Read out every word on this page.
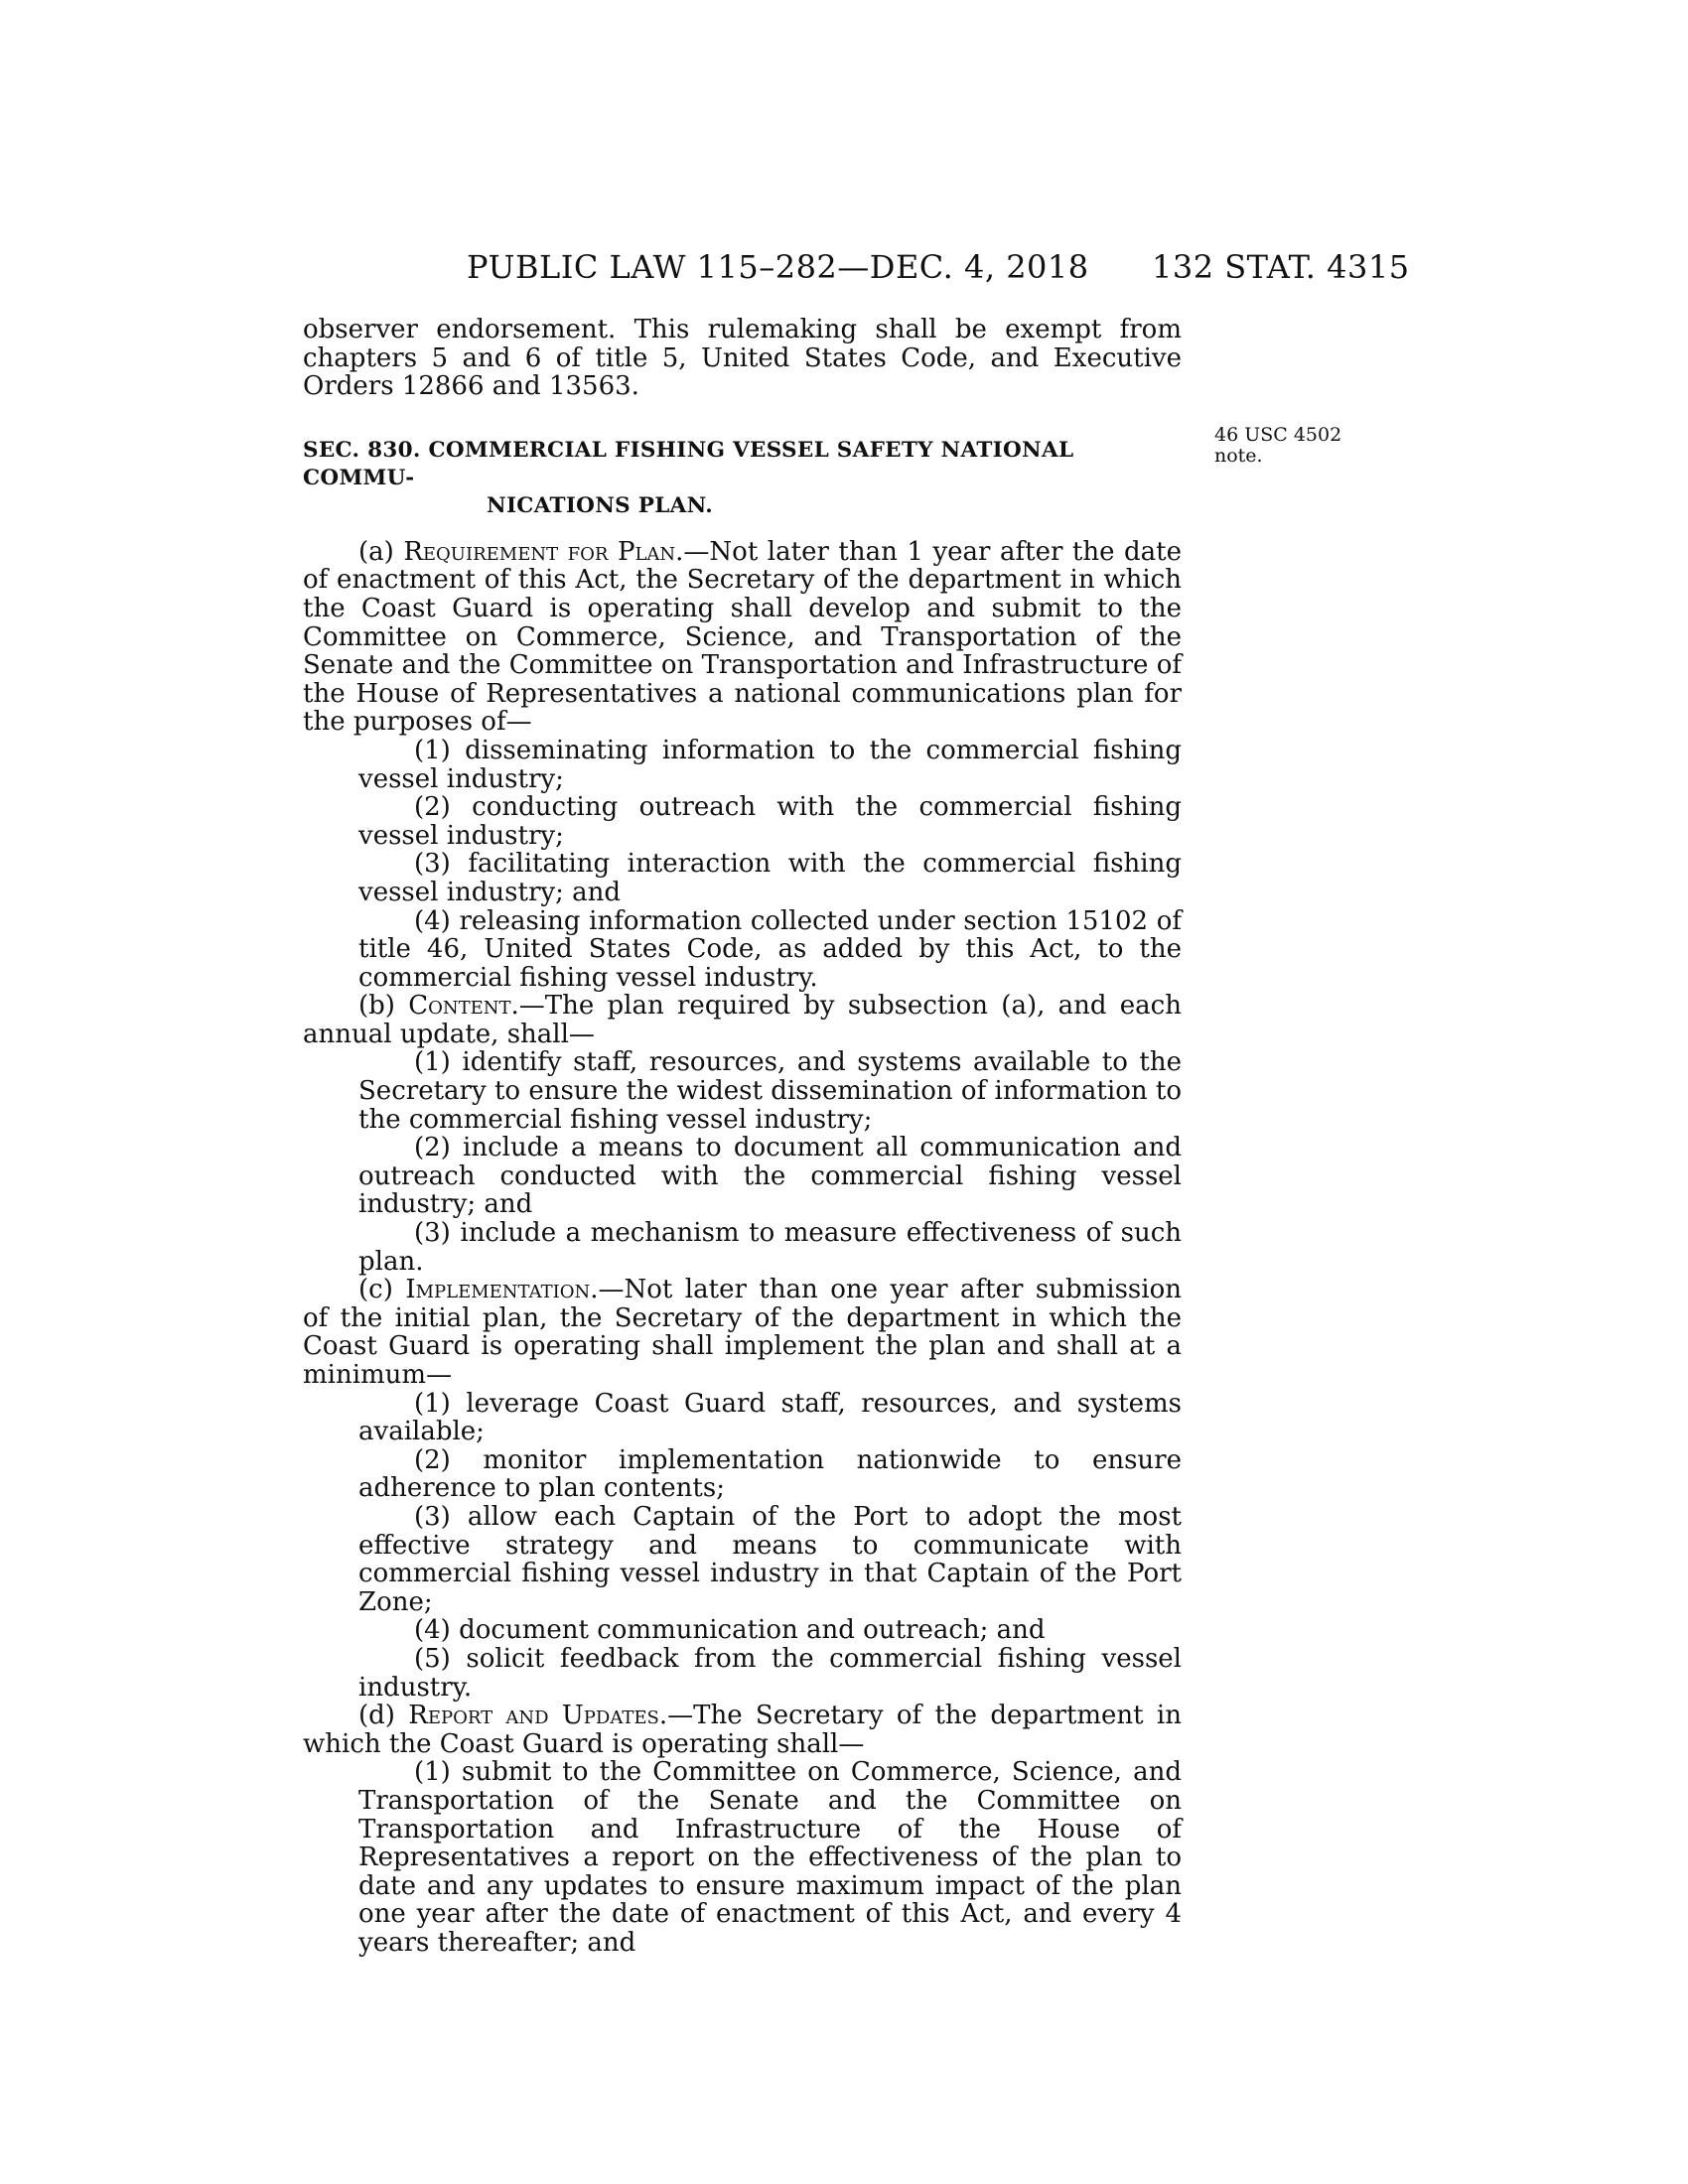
PUBLIC LAW 115–282—DEC. 4, 2018 132 STAT. 4315
46 USC 4502
note.

observer endorsement. This rulemaking shall be exempt from chapters 5 and 6 of title 5, United States Code, and Executive Orders 12866 and 13563.

SEC. 830. COMMERCIAL FISHING VESSEL SAFETY NATIONAL COMMU-
NICATIONS PLAN.

(a) Requirement for Plan.—Not later than 1 year after the date of enactment of this Act, the Secretary of the department in which the Coast Guard is operating shall develop and submit to the Committee on Commerce, Science, and Transportation of the Senate and the Committee on Transportation and Infrastructure of the House of Representatives a national communications plan for the purposes of—

(1) disseminating information to the commercial fishing vessel industry;

(2) conducting outreach with the commercial fishing vessel industry;

(3) facilitating interaction with the commercial fishing vessel industry; and

(4) releasing information collected under section 15102 of title 46, United States Code, as added by this Act, to the commercial fishing vessel industry.

(b) Content.—The plan required by subsection (a), and each annual update, shall—

(1) identify staff, resources, and systems available to the Secretary to ensure the widest dissemination of information to the commercial fishing vessel industry;

(2) include a means to document all communication and outreach conducted with the commercial fishing vessel industry; and

(3) include a mechanism to measure effectiveness of such plan.

(c) Implementation.—Not later than one year after submission of the initial plan, the Secretary of the department in which the Coast Guard is operating shall implement the plan and shall at a minimum—

(1) leverage Coast Guard staff, resources, and systems available;

(2) monitor implementation nationwide to ensure adherence to plan contents;

(3) allow each Captain of the Port to adopt the most effective strategy and means to communicate with commercial fishing vessel industry in that Captain of the Port Zone;

(4) document communication and outreach; and

(5) solicit feedback from the commercial fishing vessel industry.

(d) Report and Updates.—The Secretary of the department in which the Coast Guard is operating shall—

(1) submit to the Committee on Commerce, Science, and Transportation of the Senate and the Committee on Transportation and Infrastructure of the House of Representatives a report on the effectiveness of the plan to date and any updates to ensure maximum impact of the plan one year after the date of enactment of this Act, and every 4 years thereafter; and
